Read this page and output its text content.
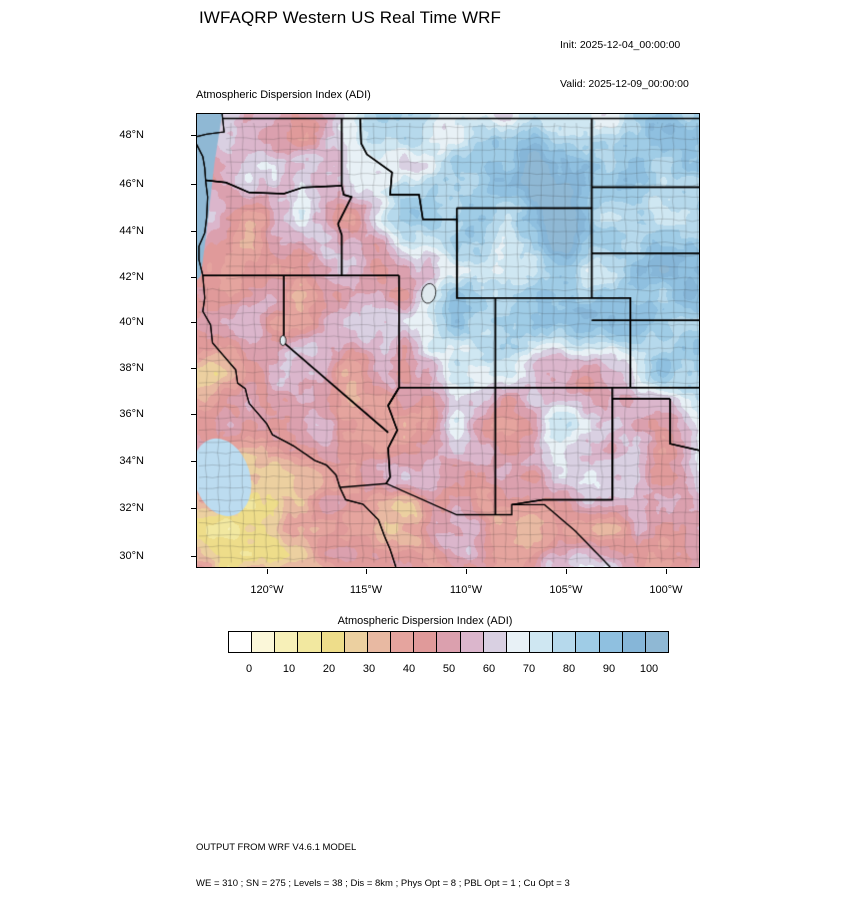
IWFAQRP Western US Real Time WRF

Init: 2025-12-04_00:00:00

Valid: 2025-12-09_00:00:00

Atmospheric Dispersion Index (ADI)
48°N
46°N
44°N
42°N
40°N
38°N
36°N
34°N
32°N
30°N
120°W	115°W	110°W	105°W	100°W
Atmospheric Dispersion Index (ADI)
0	10	20	30	40	50	60	70	80	90 100

OUTPUT FROM WRF V4.6.1 MODEL

WE = 310 ; SN = 275 ; Levels = 38 ; Dis = 8km ; Phys Opt = 8 ; PBL Opt = 1 ; Cu Opt = 3
